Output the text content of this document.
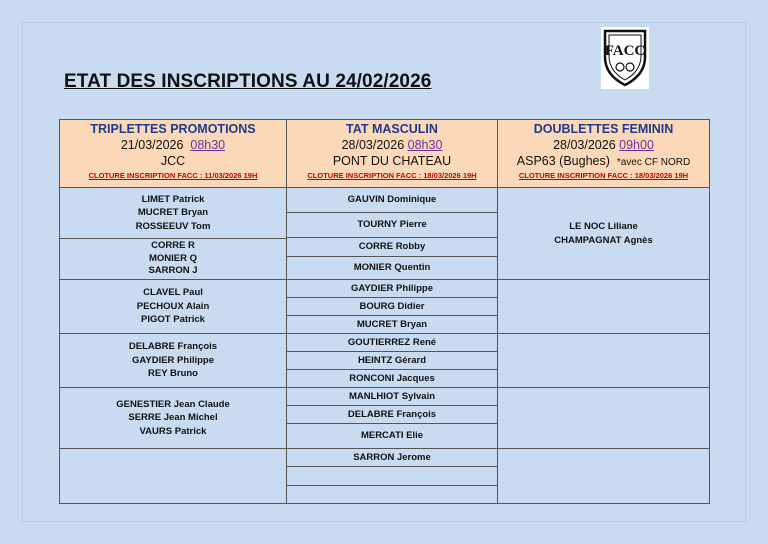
ETAT DES INSCRIPTIONS AU 24/02/2026
FACC
TRIPLETTES PROMOTIONS
21/03/2026 08h30
JCC
CLOTURE INSCRIPTION FACC : 11/03/2026 19H
TAT MASCULIN
28/03/2026 08h30
PONT DU CHATEAU
CLOTURE INSCRIPTION FACC : 18/03/2026 19H
DOUBLETTES FEMININ
28/03/2026 09h00
ASP63 (Bughes) *avec CF NORD
CLOTURE INSCRIPTION FACC : 18/03/2026 19H
LIMET Patrick
MUCRET Bryan
ROSSEEUV Tom
CORRE R
MONIER Q
SARRON J
CLAVEL Paul
PECHOUX Alain
PIGOT Patrick
DELABRE François
GAYDIER Philippe
REY Bruno
GENESTIER Jean Claude
SERRE Jean Michel
VAURS Patrick
GAUVIN Dominique
TOURNY Pierre
CORRE Robby
MONIER Quentin
GAYDIER Philippe
BOURG Didier
MUCRET Bryan
GOUTIERREZ René
HEINTZ Gérard
RONCONI Jacques
MANLHIOT Sylvain
DELABRE François
MERCATI Elie
SARRON Jerome
LE NOC Liliane
CHAMPAGNAT Agnès
